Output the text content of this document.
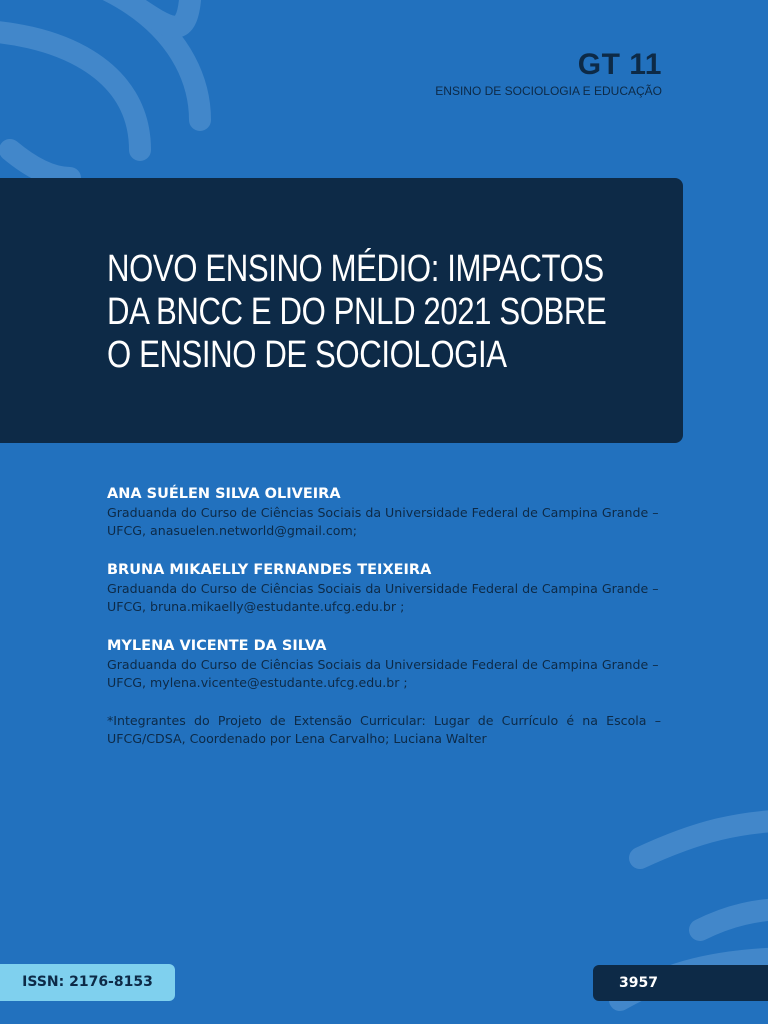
GT 11
ENSINO DE SOCIOLOGIA E EDUCAÇÃO
NOVO ENSINO MÉDIO: IMPACTOS
DA BNCC E DO PNLD 2021 SOBRE
O ENSINO DE SOCIOLOGIA
ANA SUÉLEN SILVA OLIVEIRA
Graduanda do Curso de Ciências Sociais da Universidade Federal de Campina Grande – UFCG, anasuelen.networld@gmail.com;
BRUNA MIKAELLY FERNANDES TEIXEIRA
Graduanda do Curso de Ciências Sociais da Universidade Federal de Campina Grande – UFCG, bruna.mikaelly@estudante.ufcg.edu.br ;
MYLENA VICENTE DA SILVA
Graduanda do Curso de Ciências Sociais da Universidade Federal de Campina Grande – UFCG, mylena.vicente@estudante.ufcg.edu.br ;
*Integrantes do Projeto de Extensão Curricular: Lugar de Currículo é na Escola – UFCG/CDSA, Coordenado por Lena Carvalho; Luciana Walter
ISSN: 2176-8153	3957
